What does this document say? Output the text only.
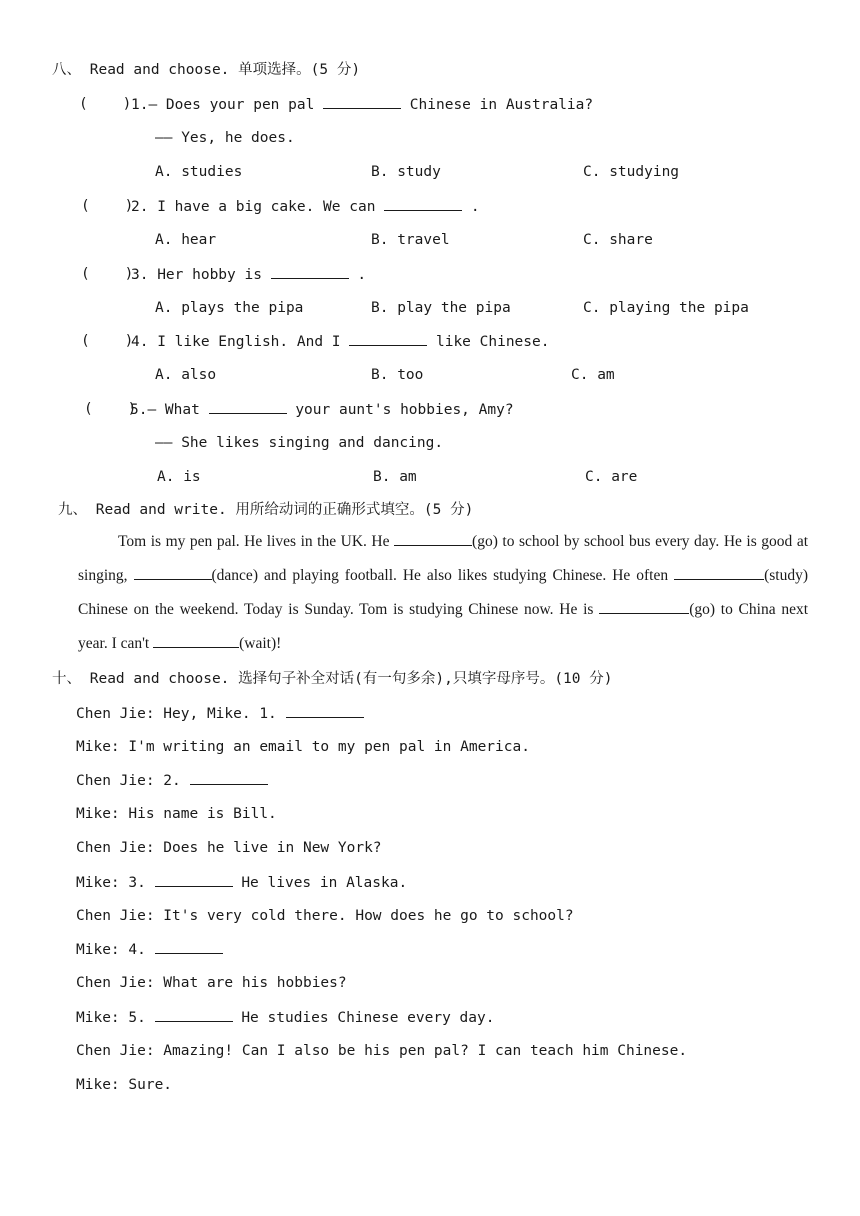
八、 Read and choose. 单项选择。(5 分)
(    ) 1.— Does your pen pal	Chinese in Australia?
—— Yes, he does.
A. studies	B. study	C. studying
(    )
2. I have a big cake. We can	.
A. hear	B. travel	C. share
(    )
3. Her hobby is	.
A. plays the pipa	B. play the pipa	C. playing the pipa
(    )
4. I like English. And I	like Chinese.
A. also	B. too	C. am
(    )
5.— What	your aunt's hobbies, Amy?
—— She likes singing and dancing.
A. is	B. am	C. are
九、 Read and write. 用所给动词的正确形式填空。(5 分)
Tom is my pen pal. He lives in the UK. He	(go) to school by school bus every day. He is good at singing,	(dance) and playing football. He also likes studying Chinese. He often	(study) Chinese on the weekend. Today is Sunday. Tom is studying Chinese now. He is	(go) to China next year. I can't	(wait)!
十、 Read and choose. 选择句子补全对话(有一句多余),只填字母序号。(10 分)
Chen Jie: Hey, Mike. 1.
Mike: I'm writing an email to my pen pal in America.
Chen Jie: 2.
Mike: His name is Bill.
Chen Jie: Does he live in New York?
Mike: 3.	He lives in Alaska.
Chen Jie: It's very cold there. How does he go to school?
Mike: 4.
Chen Jie: What are his hobbies?
Mike: 5.	He studies Chinese every day.
Chen Jie: Amazing! Can I also be his pen pal? I can teach him Chinese.
Mike: Sure.
